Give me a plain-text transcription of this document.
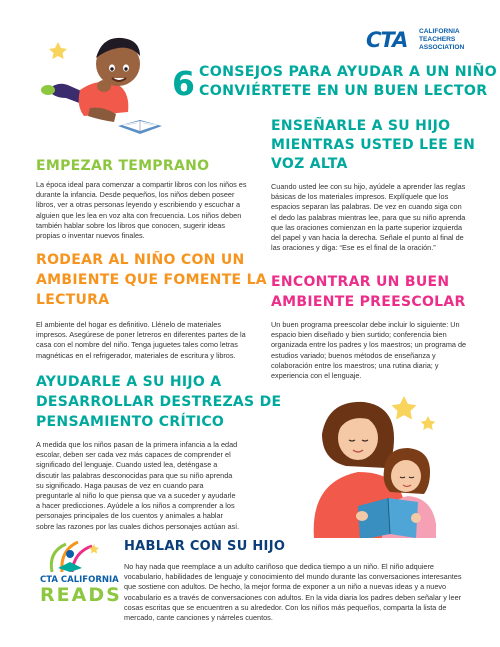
CTA CALIFORNIA
TEACHERS
ASSOCIATION
6 CONSEJOS PARA AYUDAR A UN NIÑO
CONVIÉRTETE EN UN BUEN LECTOR
EMPEZAR TEMPRANO
La época ideal para comenzar a compartir libros con los niños es durante la infancia. Desde pequeños, los niños deben poseer libros, ver a otras personas leyendo y escribiendo y escuchar a alguien que les lea en voz alta con frecuencia. Los niños deben también hablar sobre los libros que conocen, sugerir ideas propias o inventar nuevos finales.
ENSEÑARLE A SU HIJO
MIENTRAS USTED LEE EN
VOZ ALTA
Cuando usted lee con su hijo, ayúdele a aprender las reglas básicas de los materiales impresos. Explíquele que los espacios separan las palabras. De vez en cuando siga con el dedo las palabras mientras lee, para que su niño aprenda que las oraciones comienzan en la parte superior izquierda del papel y van hacia la derecha. Señale el punto al final de las oraciones y diga: “Ese es el final de la oración.”
RODEAR AL NIÑO CON UN
AMBIENTE QUE FOMENTE LA
LECTURA
El ambiente del hogar es definitivo. Llénelo de materiales impresos. Asegúrese de poner letreros en diferentes partes de la casa con el nombre del niño. Tenga juguetes tales como letras magnéticas en el refrigerador, materiales de escritura y libros.
ENCONTRAR UN BUEN
AMBIENTE PREESCOLAR
Un buen programa preescolar debe incluir lo siguiente: Un espacio bien diseñado y bien surtido; conferencia bien organizada entre los padres y los maestros; un programa de estudios variado; buenos métodos de enseñanza y colaboración entre los maestros; una rutina diaria; y experiencia con el lenguaje.
AYUDARLE A SU HIJO A
DESARROLLAR DESTREZAS DE
PENSAMIENTO CRÍTICO
A medida que los niños pasan de la primera infancia a la edad escolar, deben ser cada vez más capaces de comprender el significado del lenguaje. Cuando usted lea, deténgase a discutir las palabras desconocidas para que su niño aprenda su significado. Haga pausas de vez en cuando para preguntarle al niño lo que piensa que va a suceder y ayudarle a hacer predicciones. Ayúdele a los niños a comprender a los personajes principales de los cuentos y animales a hablar sobre las razones por las cuales dichos personajes actúan así.
CTA CALIFORNIA
READS
HABLAR CON SU HIJO
No hay nada que reemplace a un adulto cariñoso que dedica tiempo a un niño. El niño adquiere vocabulario, habilidades de lenguaje y conocimiento del mundo durante las conversaciones interesantes que sostiene con adultos. De hecho, la mejor forma de exponer a un niño a nuevas ideas y a nuevo vocabulario es a través de conversaciones con adultos. En la vida diaria los padres deben señalar y leer cosas escritas que se encuentren a su alrededor. Con los niños más pequeños, comparta la lista de mercado, cante canciones y nárreles cuentos.
